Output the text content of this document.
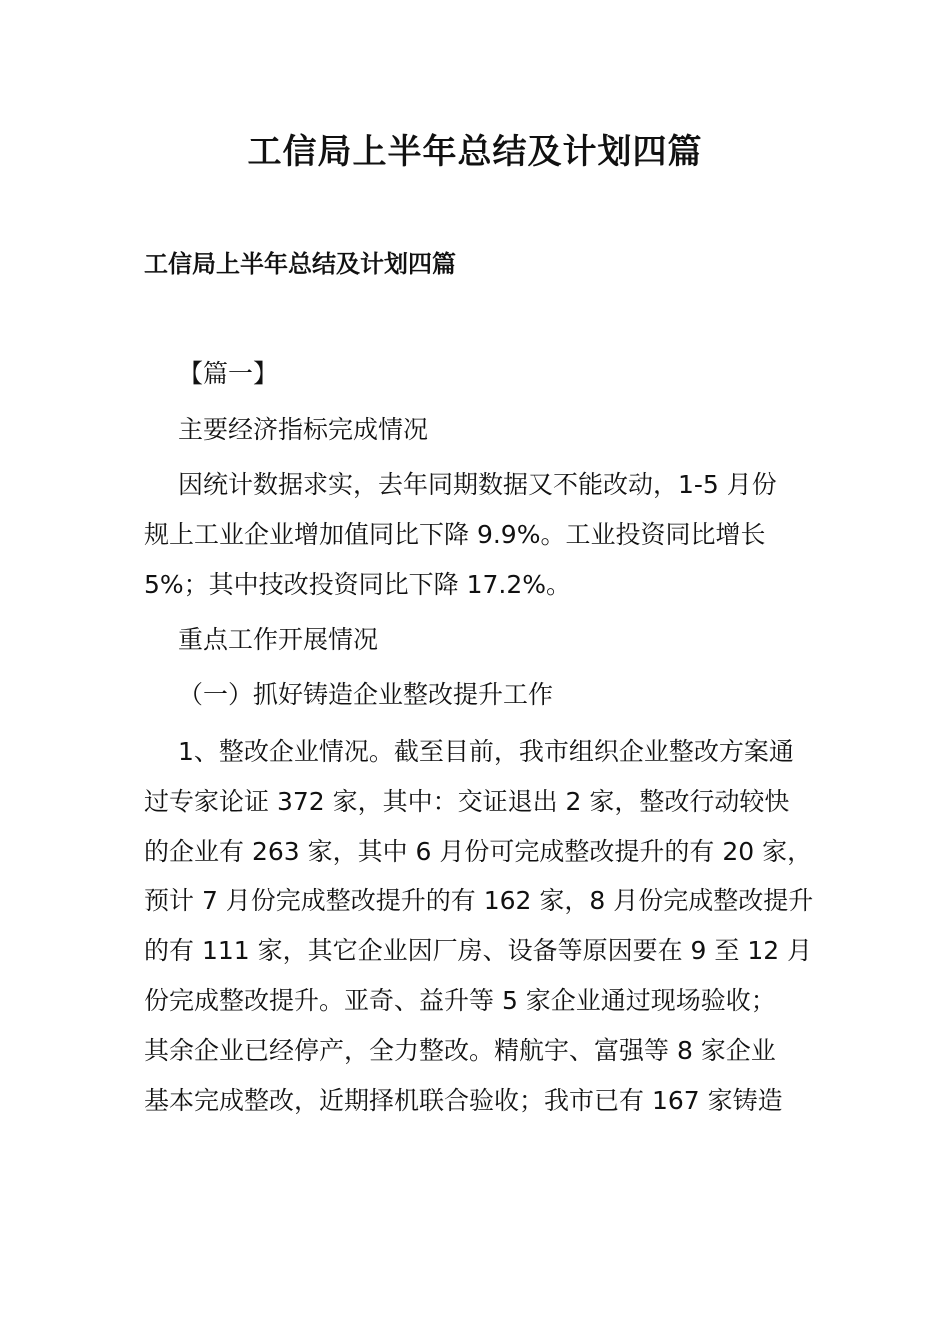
工信局上半年总结及计划四篇
工信局上半年总结及计划四篇

【篇一】

主要经济指标完成情况

因统计数据求实，去年同期数据又不能改动，1-5 月份

规上工业企业增加值同比下降 9.9%。工业投资同比增长

5%；其中技改投资同比下降 17.2%。

重点工作开展情况

（一）抓好铸造企业整改提升工作

1、整改企业情况。截至目前，我市组织企业整改方案通

过专家论证 372 家，其中：交证退出 2 家，整改行动较快

的企业有 263 家，其中 6 月份可完成整改提升的有 20 家，

预计 7 月份完成整改提升的有 162 家，8 月份完成整改提升

的有 111 家，其它企业因厂房、设备等原因要在 9 至 12 月

份完成整改提升。亚奇、益升等 5 家企业通过现场验收；

其余企业已经停产，全力整改。精航宇、富强等 8 家企业

基本完成整改，近期择机联合验收；我市已有 167 家铸造
